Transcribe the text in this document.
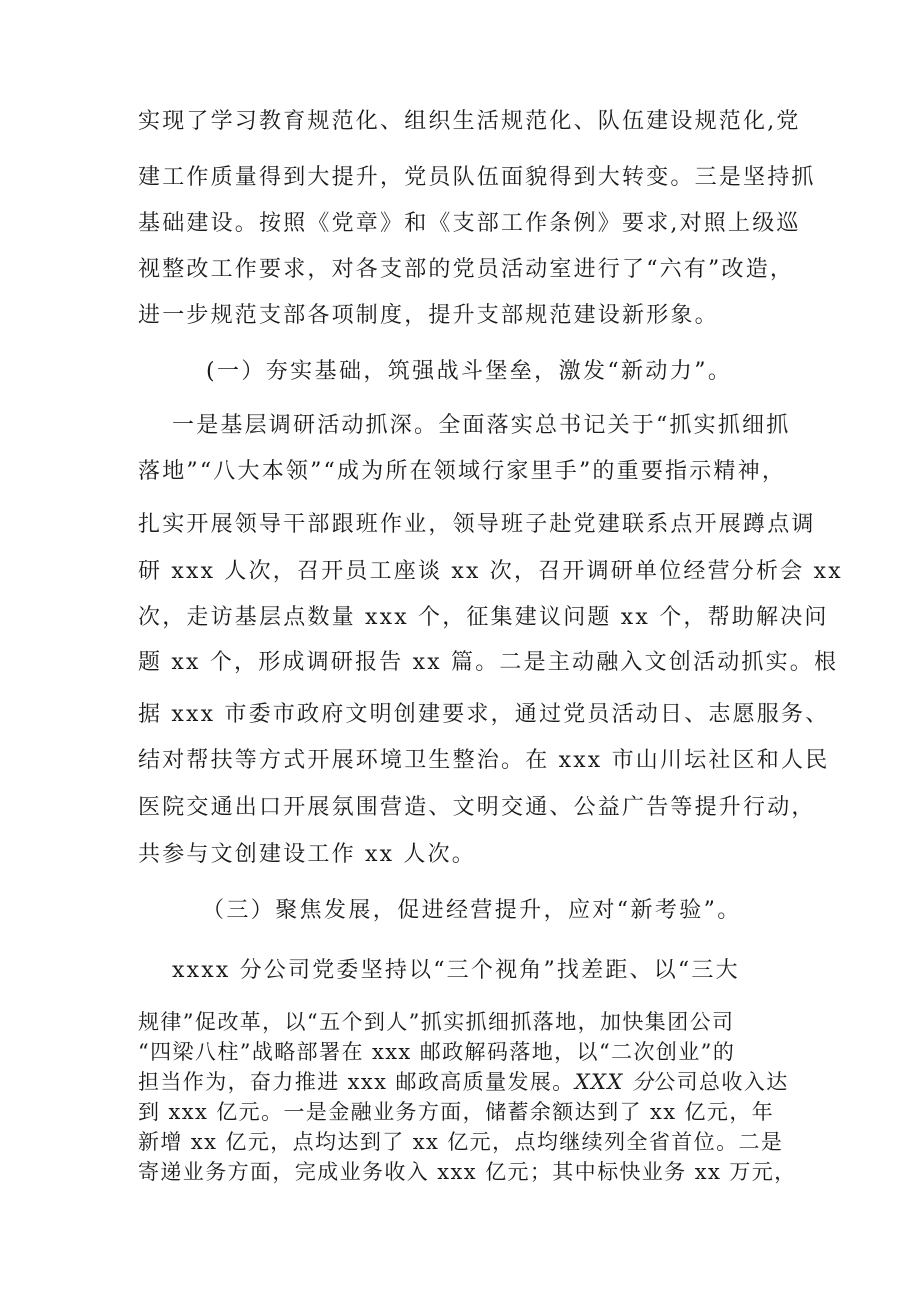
实现了学习教育规范化、组织生活规范化、队伍建设规范化,党

建工作质量得到大提升，党员队伍面貌得到大转变。三是坚持抓

基础建设。按照《党章》和《支部工作条例》要求,对照上级巡

视整改工作要求，对各支部的党员活动室进行了“六有”改造，

进一步规范支部各项制度，提升支部规范建设新形象。

(一）夯实基础，筑强战斗堡垒，激发“新动力”。

一是基层调研活动抓深。全面落实总书记关于“抓实抓细抓

落地”“八大本领”“成为所在领域行家里手”的重要指示精神，

扎实开展领导干部跟班作业，领导班子赴党建联系点开展蹲点调

研 xxx 人次，召开员工座谈 xx 次，召开调研单位经营分析会 xx

次，走访基层点数量 xxx 个，征集建议问题 xx 个，帮助解决问

题 xx 个，形成调研报告 xx 篇。二是主动融入文创活动抓实。根

据 xxx 市委市政府文明创建要求，通过党员活动日、志愿服务、

结对帮扶等方式开展环境卫生整治。在 xxx 市山川坛社区和人民

医院交通出口开展氛围营造、文明交通、公益广告等提升行动，

共参与文创建设工作 xx 人次。

（三）聚焦发展，促进经营提升，应对“新考验”。

xxxx 分公司党委坚持以“三个视角”找差距、以“三大

规律”促改革，以“五个到人”抓实抓细抓落地，加快集团公司

“四梁八柱”战略部署在 xxx 邮政解码落地，以“二次创业”的

担当作为，奋力推进 xxx 邮政高质量发展。XXX 分公司总收入达

到 xxx 亿元。一是金融业务方面，储蓄余额达到了 xx 亿元，年

新增 xx 亿元，点均达到了 xx 亿元，点均继续列全省首位。二是

寄递业务方面，完成业务收入 xxx 亿元；其中标快业务 xx 万元，
